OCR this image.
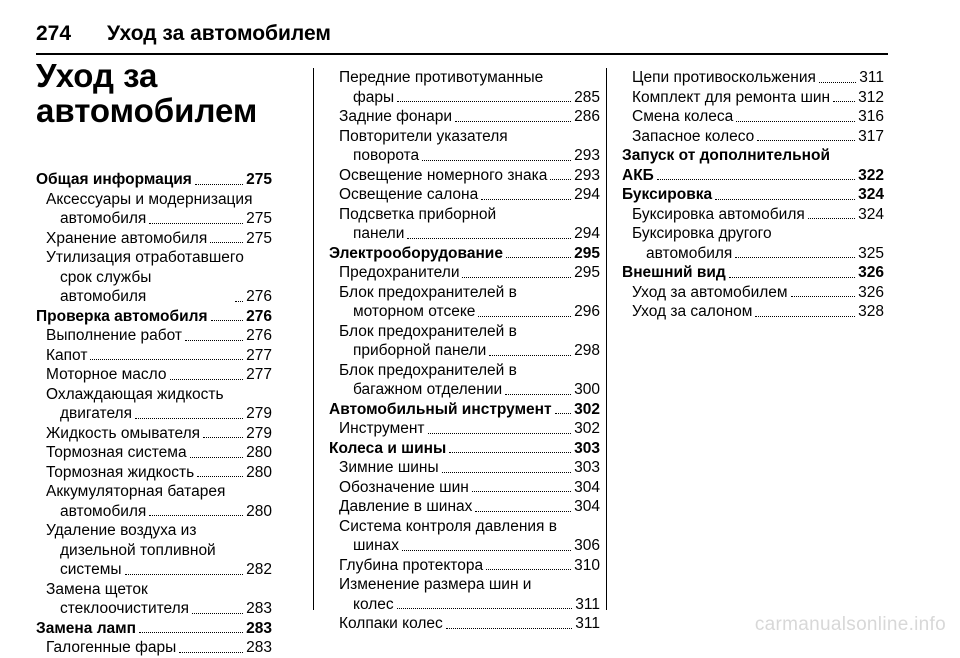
274 Уход за автомобилем
Уход за автомобилем
Общая информация	275
Аксессуары и модернизация
автомобиля	275
Хранение автомобиля	275
Утилизация отработавшего
срок службы автомобиля	276
Проверка автомобиля 276
Выполнение работ	276
Капот	277
Моторное масло	277
Охлаждающая жидкость
двигателя	279
Жидкость омывателя	279
Тормозная система	280
Тормозная жидкость	280
Аккумуляторная батарея
автомобиля	280
Удаление воздуха из
дизельной топливной
системы	282
Замена щеток
стеклоочистителя	283
Замена ламп	283
Галогенные фары	283
Передние противотуманные
фары	285
Задние фонари	286
Повторители указателя
поворота	293
Освещение номерного знака 293
Освещение салона	294
Подсветка приборной
панели	294
Электрооборудование	295
Предохранители	295
Блок предохранителей в
моторном отсеке	296
Блок предохранителей в
приборной панели	298
Блок предохранителей в
багажном отделении	300
Автомобильный инструмент 302
Инструмент	302
Колеса и шины	303
Зимние шины	303
Обозначение шин	304
Давление в шинах	304
Система контроля давления в
шинах	306
Глубина протектора	310
Изменение размера шин и
колес	311
Колпаки колес	311
Цепи противоскольжения	311
Комплект для ремонта шин 312
Смена колеса	316
Запасное колесо	317
Запуск от дополнительной
АКБ	322
Буксировка	324
Буксировка автомобиля	324
Буксировка другого
автомобиля	325
Внешний вид	326
Уход за автомобилем	326
Уход за салоном	328
carmanualsonline.info
